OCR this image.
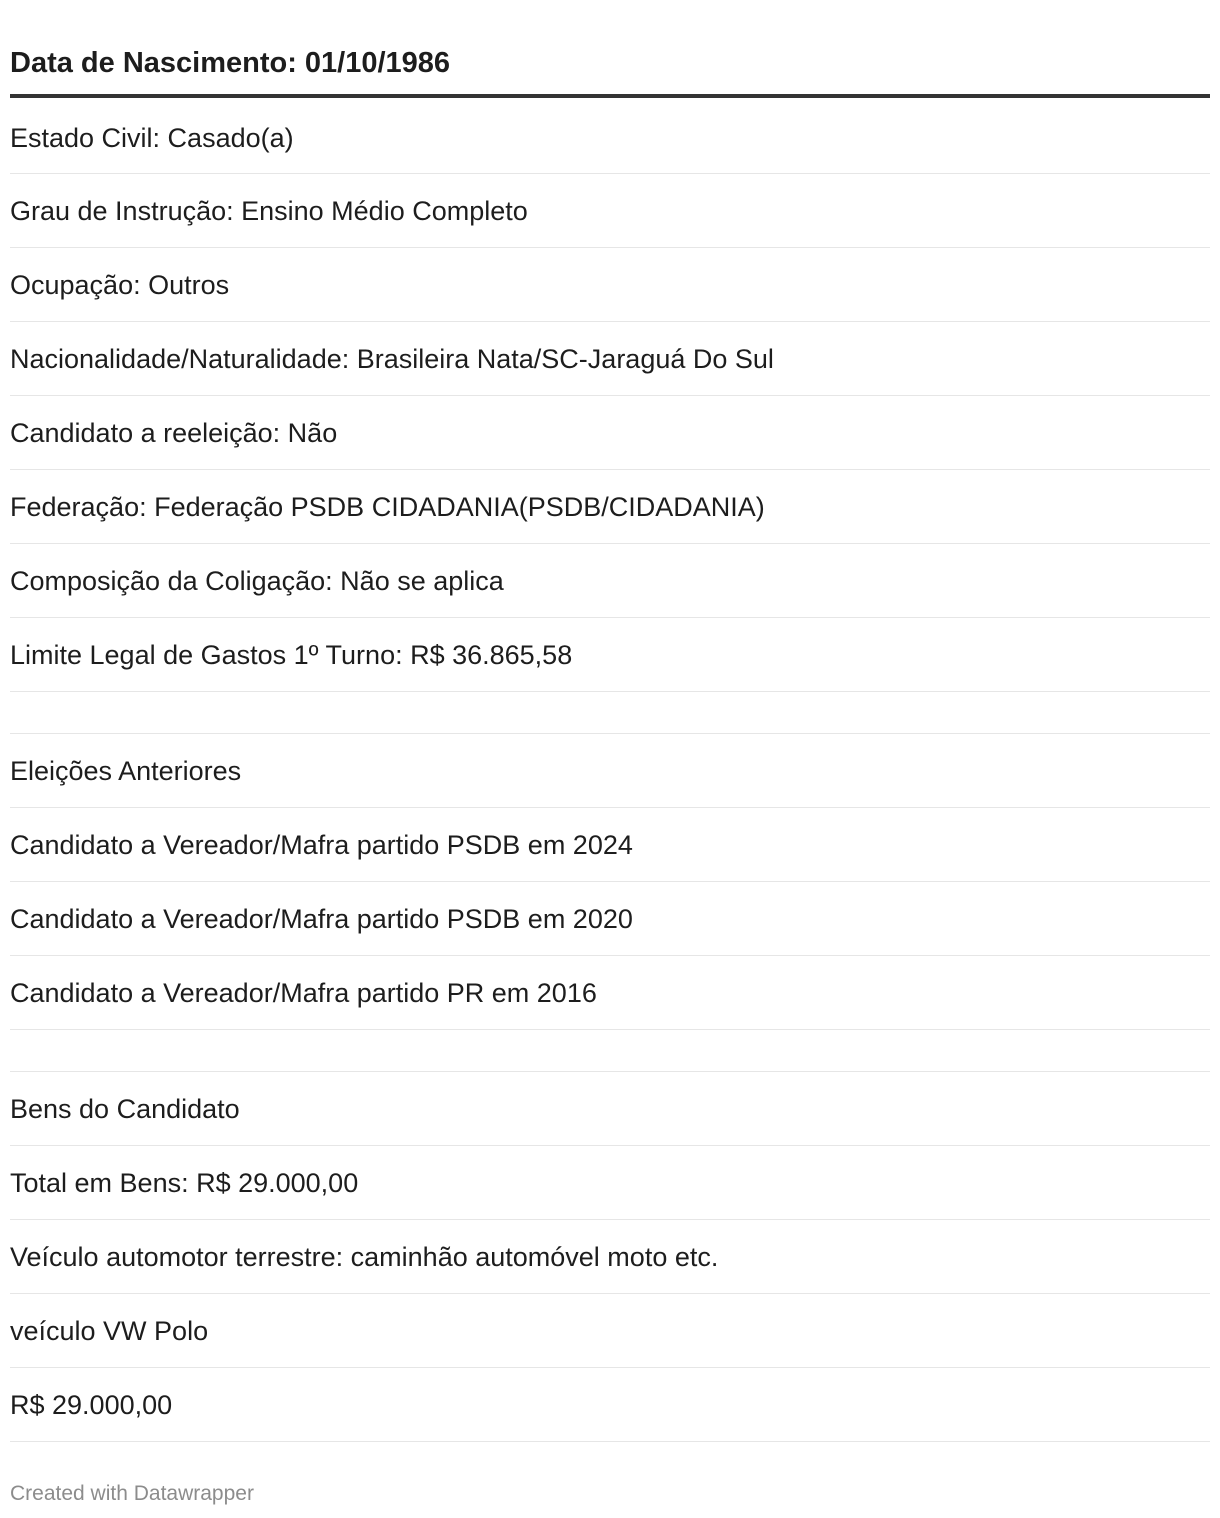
Data de Nascimento: 01/10/1986
Estado Civil: Casado(a)
Grau de Instrução: Ensino Médio Completo
Ocupação: Outros
Nacionalidade/Naturalidade: Brasileira Nata/SC-Jaraguá Do Sul
Candidato a reeleição: Não
Federação: Federação PSDB CIDADANIA(PSDB/CIDADANIA)
Composição da Coligação: Não se aplica
Limite Legal de Gastos 1º Turno: R$ 36.865,58
Eleições Anteriores
Candidato a Vereador/Mafra partido PSDB em 2024
Candidato a Vereador/Mafra partido PSDB em 2020
Candidato a Vereador/Mafra partido PR em 2016
Bens do Candidato
Total em Bens: R$ 29.000,00
Veículo automotor terrestre: caminhão automóvel moto etc.
veículo VW Polo
R$ 29.000,00
Created with Datawrapper
